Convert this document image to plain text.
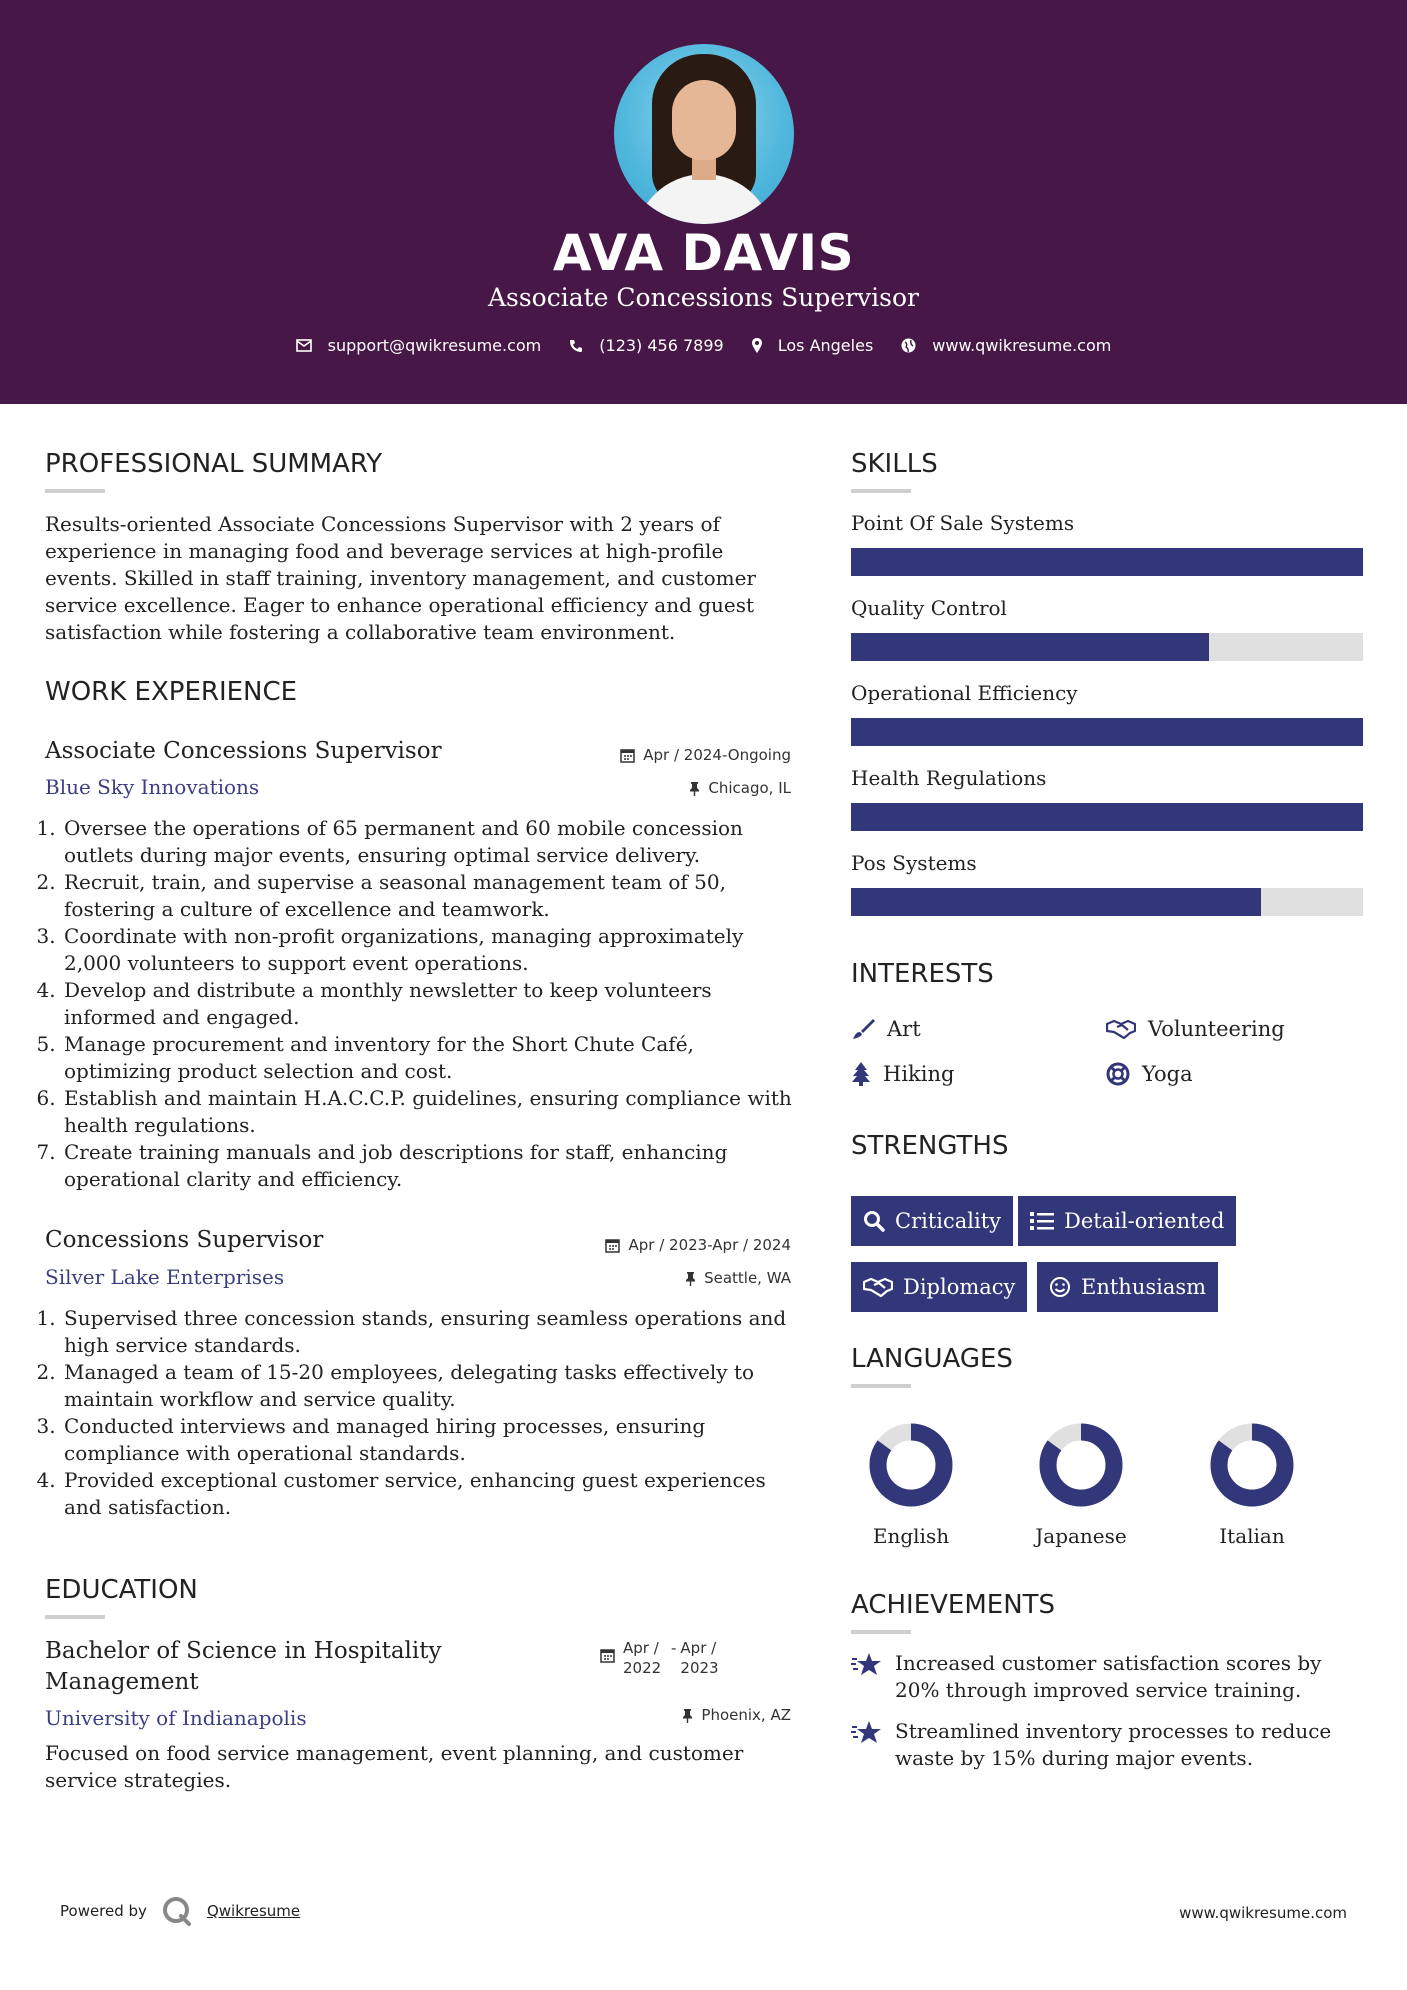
AVA DAVIS
Associate Concessions Supervisor
support@qwikresume.com	(123) 456 7899	Los Angeles	www.qwikresume.com
PROFESSIONAL SUMMARY
Results-oriented Associate Concessions Supervisor with 2 years of experience in managing food and beverage services at high-profile events. Skilled in staff training, inventory management, and customer service excellence. Eager to enhance operational efficiency and guest satisfaction while fostering a collaborative team environment.
WORK EXPERIENCE
Associate Concessions Supervisor	Apr / 2024-Ongoing
Blue Sky Innovations	Chicago, IL
1. Oversee the operations of 65 permanent and 60 mobile concession outlets during major events, ensuring optimal service delivery.
2. Recruit, train, and supervise a seasonal management team of 50, fostering a culture of excellence and teamwork.
3. Coordinate with non-profit organizations, managing approximately 2,000 volunteers to support event operations.
4. Develop and distribute a monthly newsletter to keep volunteers informed and engaged.
5. Manage procurement and inventory for the Short Chute Café, optimizing product selection and cost.
6. Establish and maintain H.A.C.C.P. guidelines, ensuring compliance with health regulations.
7. Create training manuals and job descriptions for staff, enhancing operational clarity and efficiency.
Concessions Supervisor	Apr / 2023-Apr / 2024
Silver Lake Enterprises	Seattle, WA
1. Supervised three concession stands, ensuring seamless operations and high service standards.
2. Managed a team of 15-20 employees, delegating tasks effectively to maintain workflow and service quality.
3. Conducted interviews and managed hiring processes, ensuring compliance with operational standards.
4. Provided exceptional customer service, enhancing guest experiences and satisfaction.
EDUCATION
Bachelor of Science in Hospitality Management
Apr / 2022
- Apr / 2023
University of Indianapolis	Phoenix, AZ
Focused on food service management, event planning, and customer service strategies.
SKILLS
Point Of Sale Systems
Quality Control
Operational Efficiency
Health Regulations
Pos Systems
INTERESTS
Art	Volunteering
Hiking	Yoga
STRENGTHS
Criticality	Detail-oriented
Diplomacy	Enthusiasm
LANGUAGES
English	Japanese	Italian
ACHIEVEMENTS
Increased customer satisfaction scores by 20% through improved service training.
Streamlined inventory processes to reduce waste by 15% during major events.
Powered by	Qwikresume	www.qwikresume.com
